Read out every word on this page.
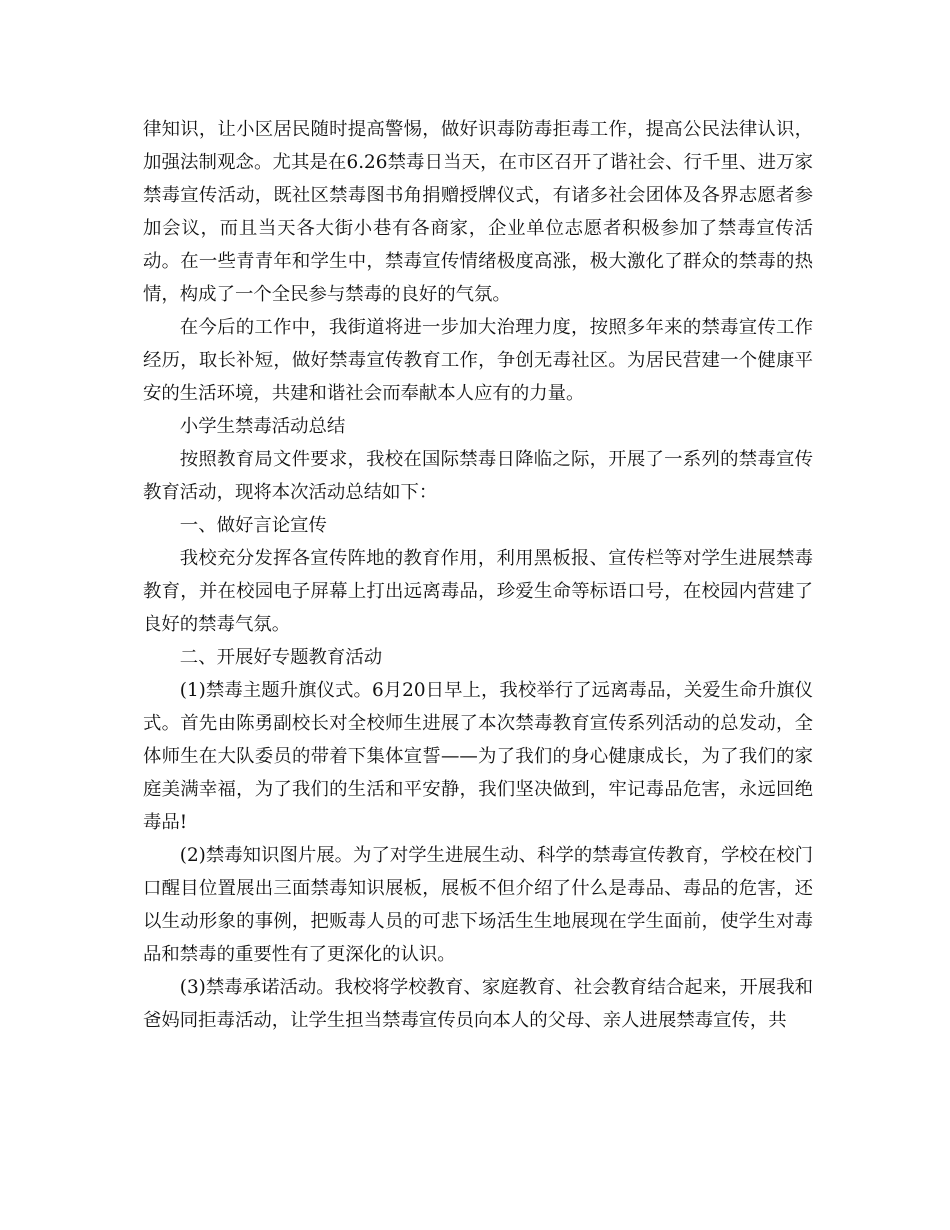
律知识，让小区居民随时提高警惕，做好识毒防毒拒毒工作，提高公民法律认识，加强法制观念。尤其是在6.26禁毒日当天，在市区召开了谐社会、行千里、进万家禁毒宣传活动，既社区禁毒图书角捐赠授牌仪式，有诸多社会团体及各界志愿者参加会议，而且当天各大街小巷有各商家，企业单位志愿者积极参加了禁毒宣传活动。在一些青青年和学生中，禁毒宣传情绪极度高涨，极大激化了群众的禁毒的热情，构成了一个全民参与禁毒的良好的气氛。

在今后的工作中，我街道将进一步加大治理力度，按照多年来的禁毒宣传工作经历，取长补短，做好禁毒宣传教育工作，争创无毒社区。为居民营建一个健康平安的生活环境，共建和谐社会而奉献本人应有的力量。

小学生禁毒活动总结

按照教育局文件要求，我校在国际禁毒日降临之际，开展了一系列的禁毒宣传教育活动，现将本次活动总结如下：

一、做好言论宣传

我校充分发挥各宣传阵地的教育作用，利用黑板报、宣传栏等对学生进展禁毒教育，并在校园电子屏幕上打出远离毒品，珍爱生命等标语口号，在校园内营建了良好的禁毒气氛。

二、开展好专题教育活动

(1)禁毒主题升旗仪式。6月20日早上，我校举行了远离毒品，关爱生命升旗仪式。首先由陈勇副校长对全校师生进展了本次禁毒教育宣传系列活动的总发动，全体师生在大队委员的带着下集体宣誓——为了我们的身心健康成长，为了我们的家庭美满幸福，为了我们的生活和平安静，我们坚决做到，牢记毒品危害，永远回绝毒品!

(2)禁毒知识图片展。为了对学生进展生动、科学的禁毒宣传教育，学校在校门口醒目位置展出三面禁毒知识展板，展板不但介绍了什么是毒品、毒品的危害，还以生动形象的事例，把贩毒人员的可悲下场活生生地展现在学生面前，使学生对毒品和禁毒的重要性有了更深化的认识。

(3)禁毒承诺活动。我校将学校教育、家庭教育、社会教育结合起来，开展我和爸妈同拒毒活动，让学生担当禁毒宣传员向本人的父母、亲人进展禁毒宣传，共
